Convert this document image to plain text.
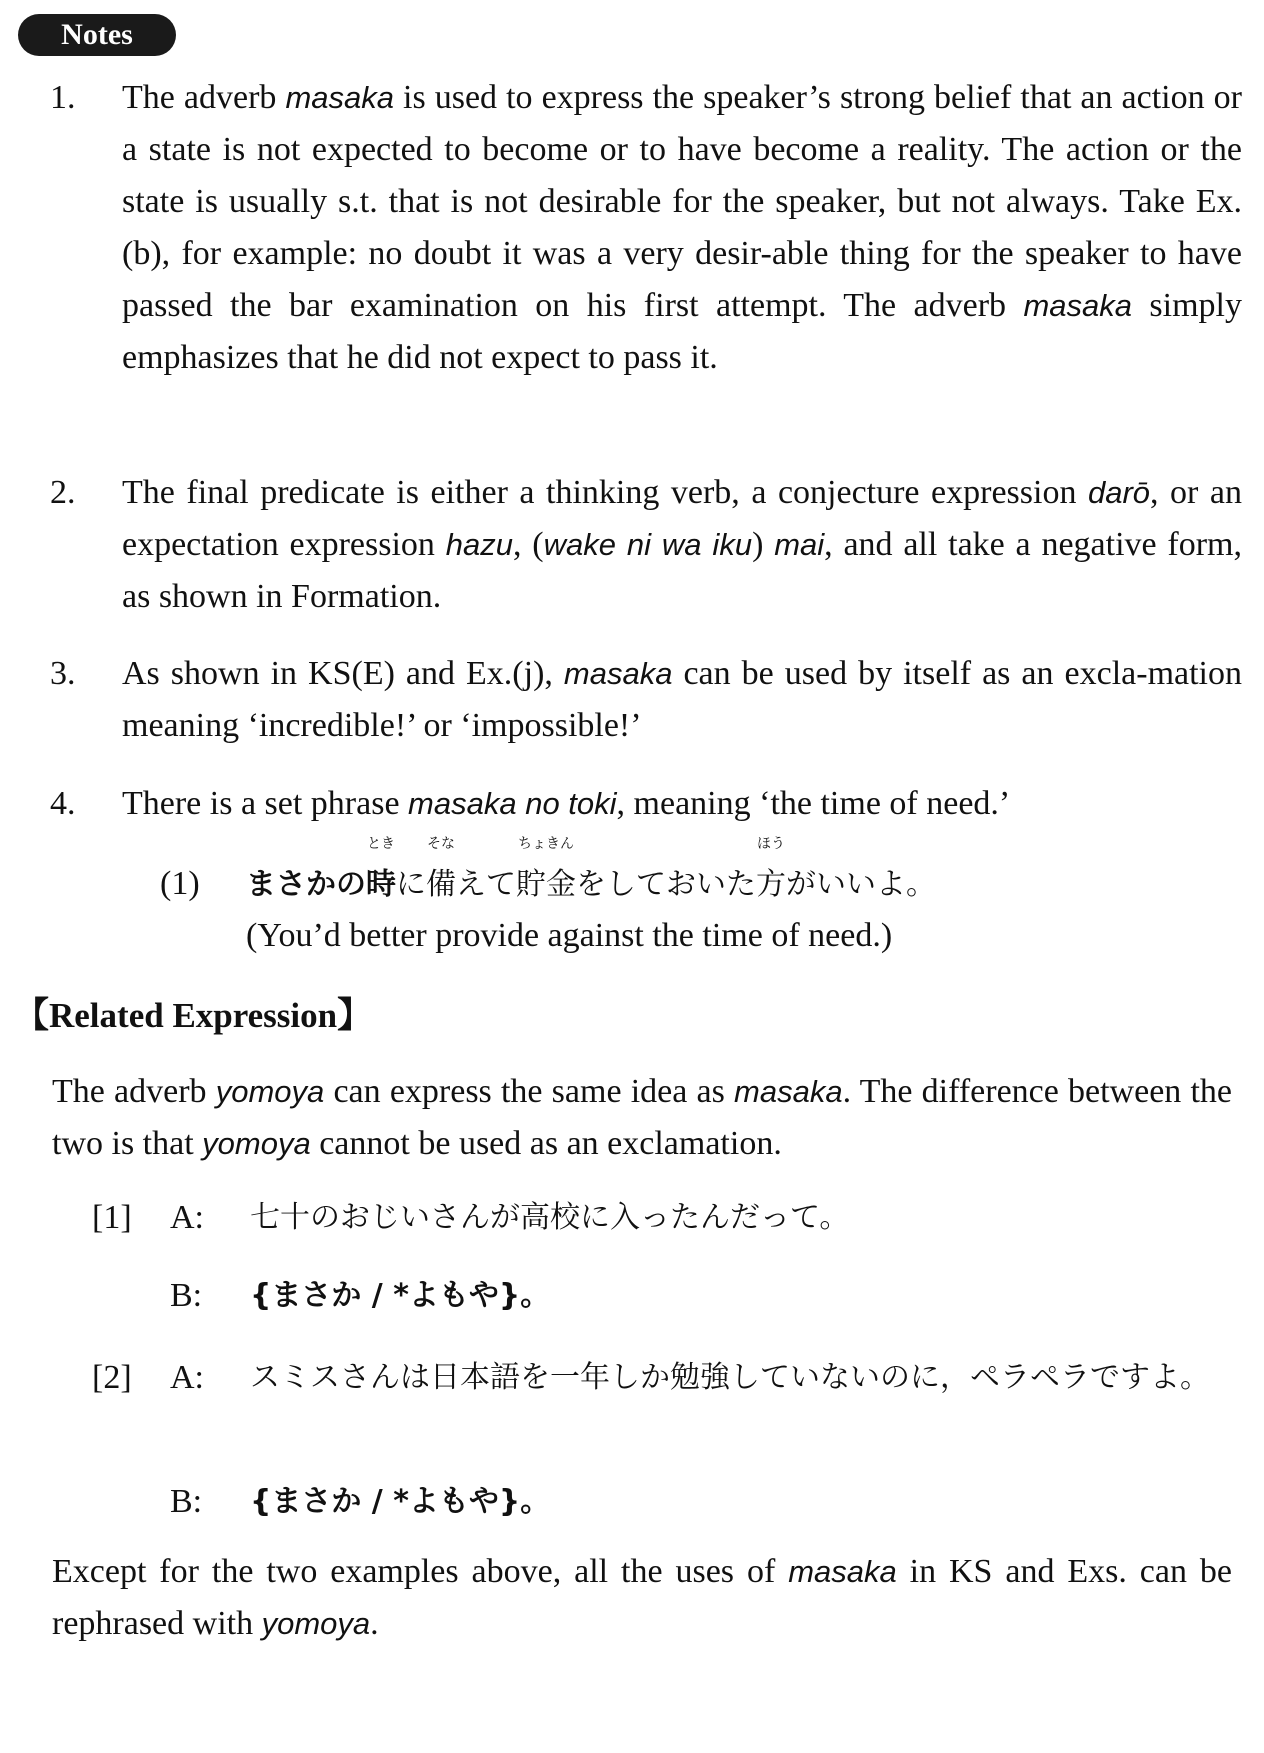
Notes
1.	The adverb masaka is used to express the speaker’s strong belief that an action or a state is not expected to become or to have become a reality. The action or the state is usually s.t. that is not desirable for the speaker, but not always. Take Ex.(b), for example: no doubt it was a very desir-able thing for the speaker to have passed the bar examination on his first attempt. The adverb masaka simply emphasizes that he did not expect to pass it.
2.	The final predicate is either a thinking verb, a conjecture expression darō, or an expectation expression hazu, (wake ni wa iku) mai, and all take a negative form, as shown in Formation.
3.	As shown in KS(E) and Ex.(j), masaka can be used by itself as an excla-mation meaning ‘incredible!’ or ‘impossible!’
4.	There is a set phrase masaka no toki, meaning ‘the time of need.’
(1) まさかの
とき
時に
そな
備えて
ちょきん
貯金をしておいた
ほう
方がいいよ。
(You’d better provide against the time of need.)
【Related Expression】
The adverb yomoya can express the same idea as masaka. The difference between the two is that yomoya cannot be used as an exclamation.
[1]	A:	七十のおじいさんが高校に入ったんだって。
B:	{まさか / *よもや}。
[2]	A:	スミスさんは日本語を一年しか勉強していないのに，ペラペラですよ。
B:	{まさか / *よもや}。
Except for the two examples above, all the uses of masaka in KS and Exs. can be rephrased with yomoya.
